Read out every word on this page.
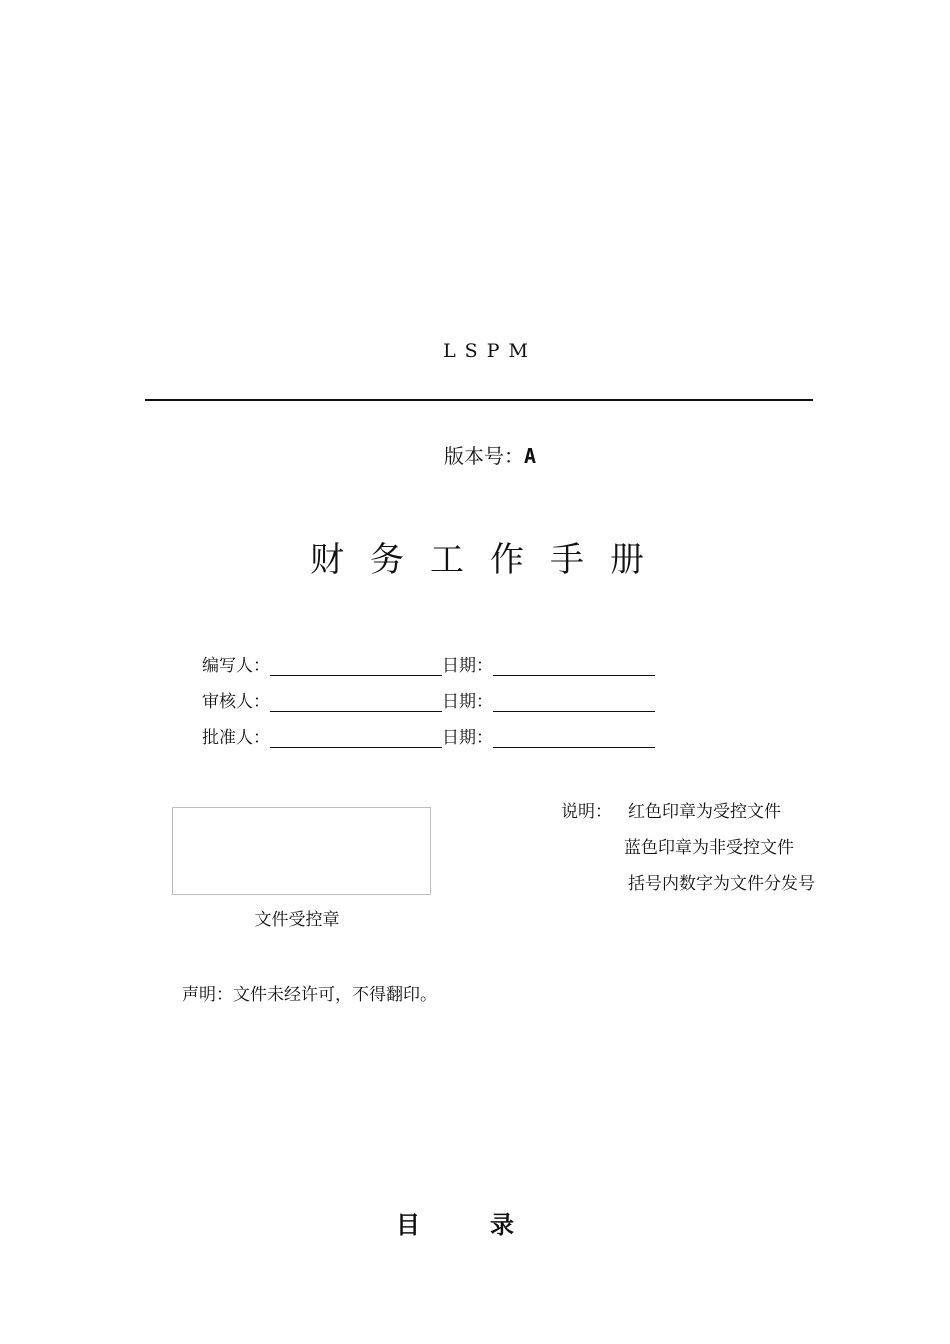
LSPM
版本号：A
财务工作手册
编写人：	日期：
审核人：	日期：
批准人：	日期：
文件受控章
说明： 红色印章为受控文件
蓝色印章为非受控文件
括号内数字为文件分发号
声明：文件未经许可，不得翻印。
目录
